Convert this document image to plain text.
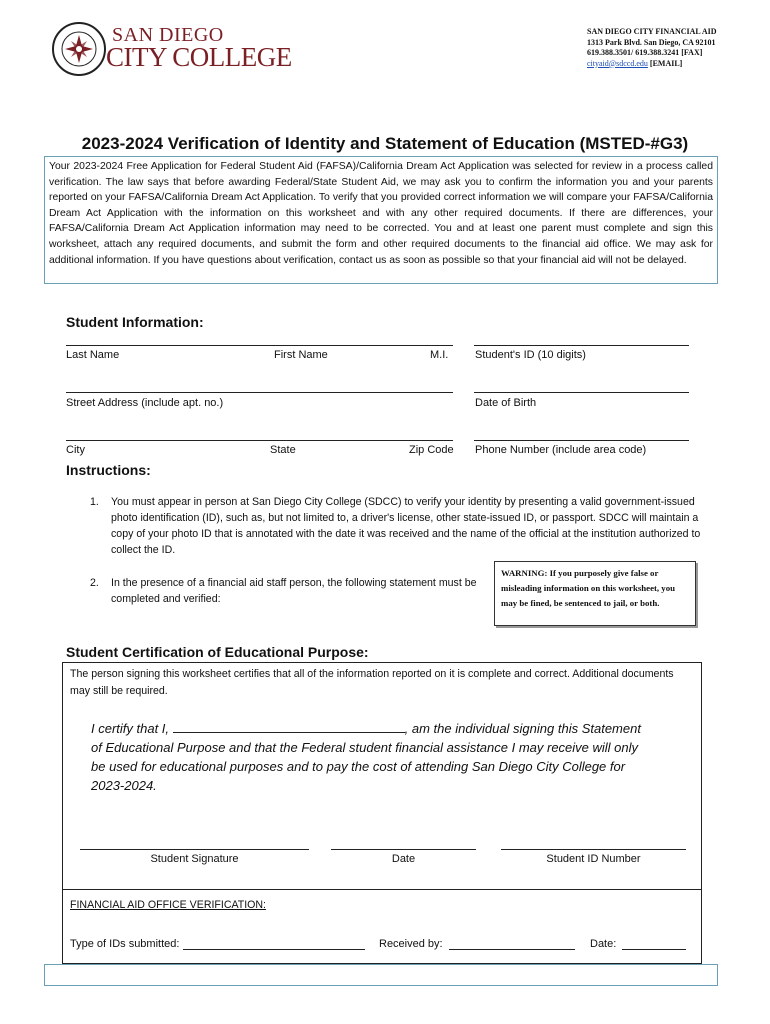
SAN DIEGO
CITY COLLEGE
SAN DIEGO CITY FINANCIAL AID
1313 Park Blvd. San Diego, CA 92101
619.388.3501/ 619.388.3241 [FAX]
cityaid@sdccd.edu [EMAIL]
2023-2024 Verification of Identity and Statement of Education (MSTED-#G3)
Your 2023-2024 Free Application for Federal Student Aid (FAFSA)/California Dream Act Application was selected for review in a process called verification. The law says that before awarding Federal/State Student Aid, we may ask you to confirm the information you and your parents reported on your FAFSA/California Dream Act Application. To verify that you provided correct information we will compare your FAFSA/California Dream Act Application with the information on this worksheet and with any other required documents. If there are differences, your FAFSA/California Dream Act Application information may need to be corrected. You and at least one parent must complete and sign this worksheet, attach any required documents, and submit the form and other required documents to the financial aid office. We may ask for additional information. If you have questions about verification, contact us as soon as possible so that your financial aid will not be delayed.
Student Information:
Last Name	First Name	M.I. Student's ID (10 digits)
Street Address (include apt. no.)	Date of Birth
City	State	Zip Code Phone Number (include area code)
Instructions:
1. You must appear in person at San Diego City College (SDCC) to verify your identity by presenting a valid government-issued photo identification (ID), such as, but not limited to, a driver's license, other state-issued ID, or passport. SDCC will maintain a copy of your photo ID that is annotated with the date it was received and the name of the official at the institution authorized to collect the ID.
2. In the presence of a financial aid staff person, the following statement must be completed and verified:
WARNING: If you purposely give false or misleading information on this worksheet, you may be fined, be sentenced to jail, or both.
Student Certification of Educational Purpose:
The person signing this worksheet certifies that all of the information reported on it is complete and correct. Additional documents may still be required.
I certify that I,	, am the individual signing this Statement of Educational Purpose and that the Federal student financial assistance I may receive will only be used for educational purposes and to pay the cost of attending San Diego City College for 2023-2024.
Student Signature	Date	Student ID Number
FINANCIAL AID OFFICE VERIFICATION:
Type of IDs submitted:	Received by:	Date:
